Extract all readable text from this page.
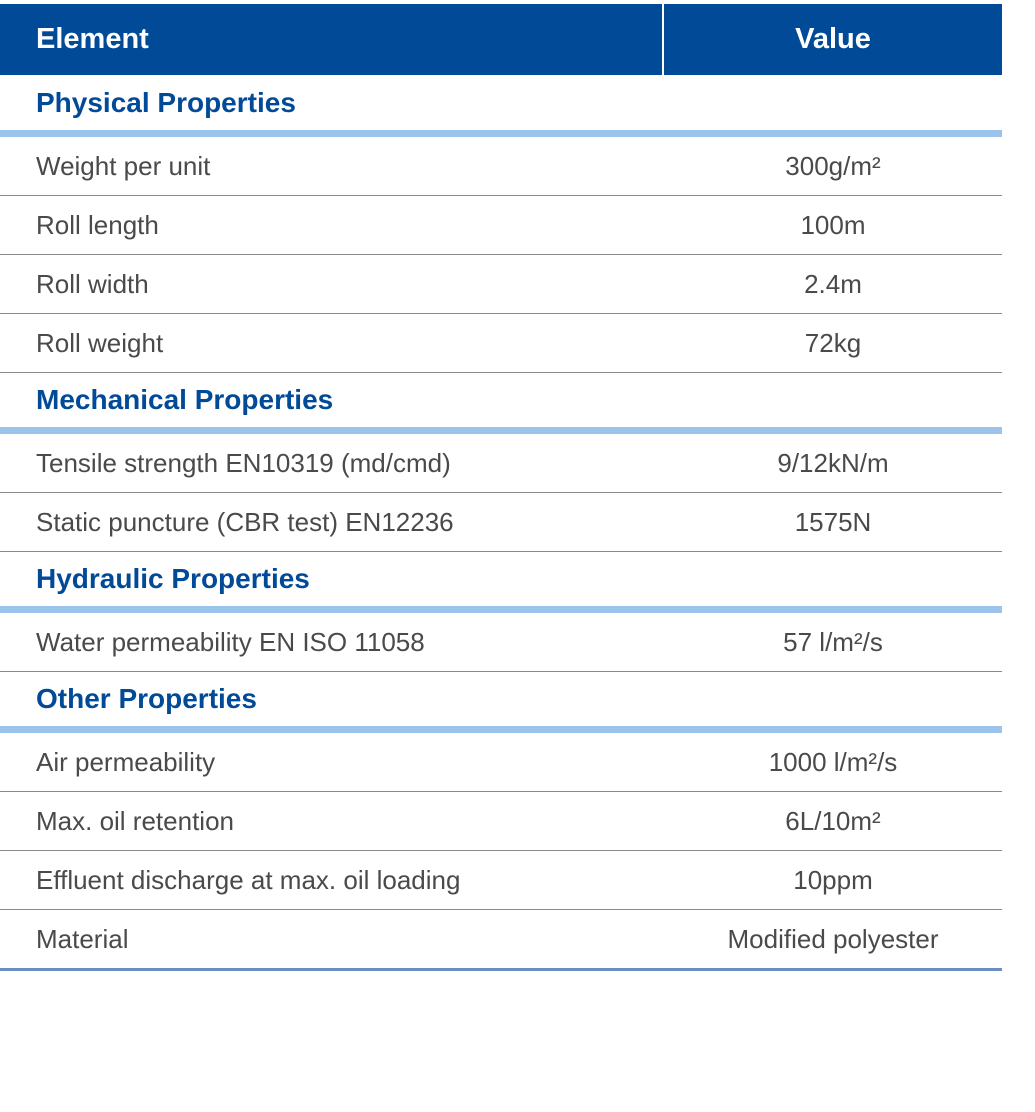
Element	Value
Physical Properties
Weight per unit	300g/m²
Roll length	100m
Roll width	2.4m
Roll weight	72kg
Mechanical Properties
Tensile strength EN10319 (md/cmd)	9/12kN/m
Static puncture (CBR test) EN12236	1575N
Hydraulic Properties
Water permeability EN ISO 11058	57 l/m²/s
Other Properties
Air permeability	1000 l/m²/s
Max. oil retention	6L/10m²
Effluent discharge at max. oil loading	10ppm
Material	Modified polyester
